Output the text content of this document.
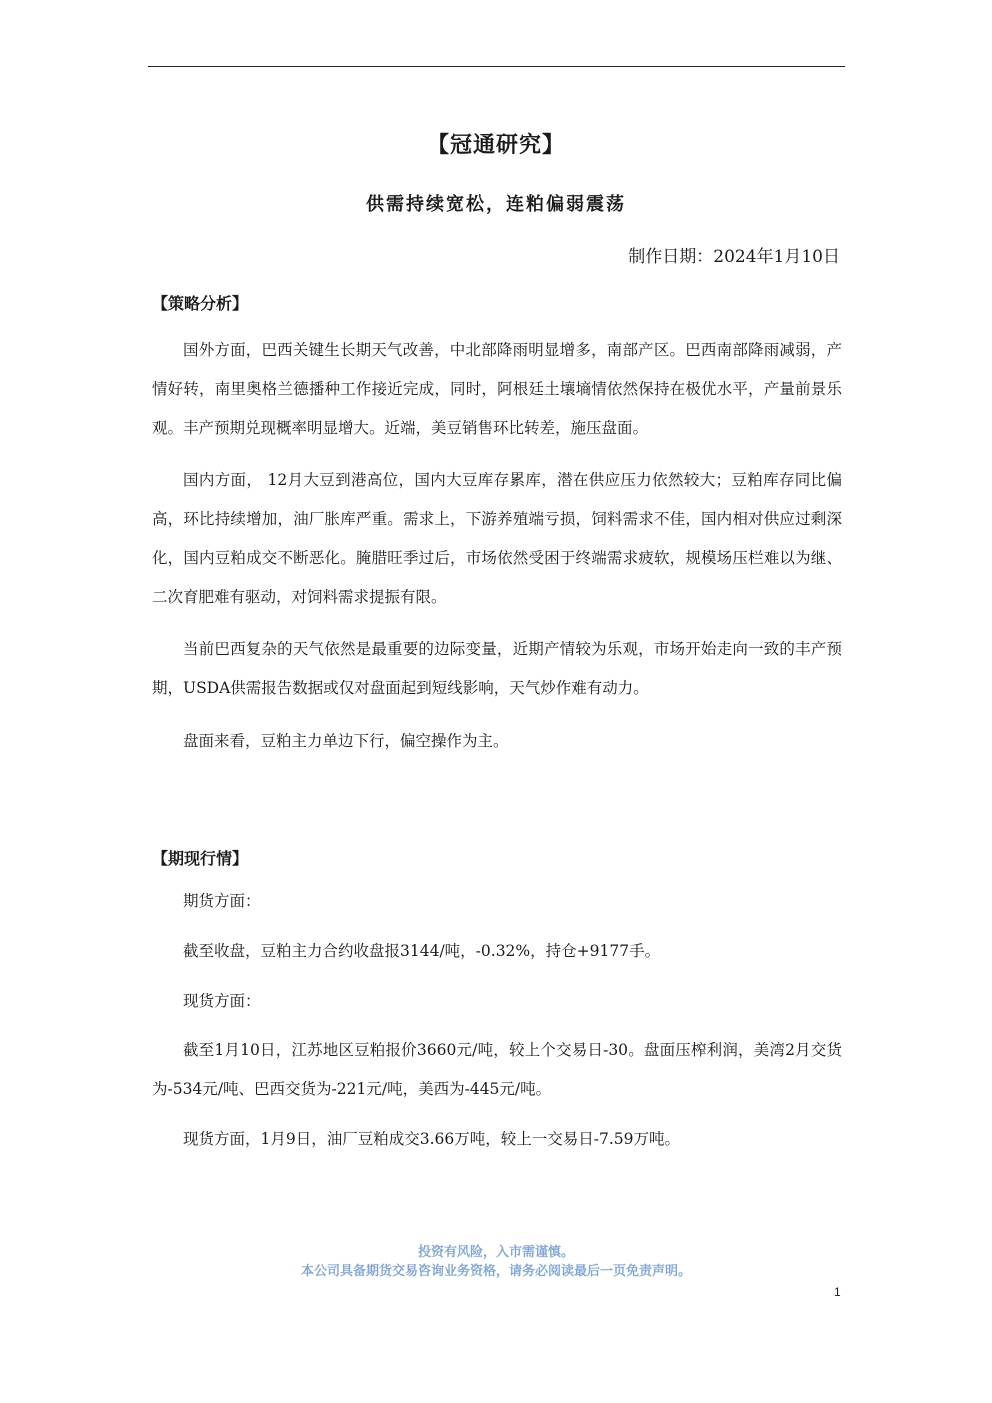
【冠通研究】
供需持续宽松，连粕偏弱震荡
制作日期：2024年1月10日

【策略分析】

国外方面，巴西关键生长期天气改善，中北部降雨明显增多，南部产区。巴西南部降雨减弱，产情好转，南里奥格兰德播种工作接近完成，同时，阿根廷土壤墒情依然保持在极优水平，产量前景乐观。丰产预期兑现概率明显增大。近端，美豆销售环比转差，施压盘面。

国内方面， 12月大豆到港高位，国内大豆库存累库，潜在供应压力依然较大；豆粕库存同比偏高，环比持续增加，油厂胀库严重。需求上，下游养殖端亏损，饲料需求不佳，国内相对供应过剩深化，国内豆粕成交不断恶化。腌腊旺季过后，市场依然受困于终端需求疲软，规模场压栏难以为继、二次育肥难有驱动，对饲料需求提振有限。

当前巴西复杂的天气依然是最重要的边际变量，近期产情较为乐观，市场开始走向一致的丰产预期，USDA供需报告数据或仅对盘面起到短线影响，天气炒作难有动力。

盘面来看，豆粕主力单边下行，偏空操作为主。

【期现行情】

期货方面：

截至收盘，豆粕主力合约收盘报3144/吨，-0.32%，持仓+9177手。

现货方面：

截至1月10日，江苏地区豆粕报价3660元/吨，较上个交易日-30。盘面压榨利润，美湾2月交货为-534元/吨、巴西交货为-221元/吨，美西为-445元/吨。

现货方面，1月9日，油厂豆粕成交3.66万吨，较上一交易日-7.59万吨。

投资有风险，入市需谨慎。
本公司具备期货交易咨询业务资格，请务必阅读最后一页免责声明。
1
